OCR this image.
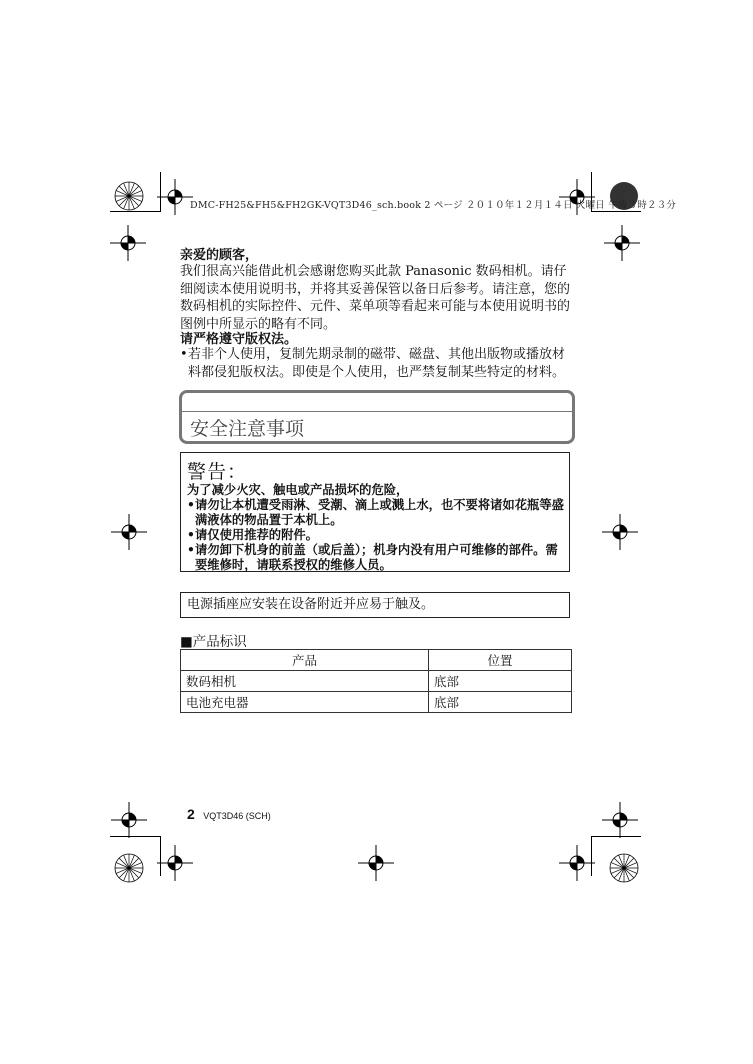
DMC-FH25&FH5&FH2GK-VQT3D46_sch.book 2 ページ ２０１０年１２月１４日 火曜日 午後３時２３分
亲爱的顾客，
我们很高兴能借此机会感谢您购买此款 Panasonic 数码相机。请仔细阅读本使用说明书，并将其妥善保管以备日后参考。请注意，您的数码相机的实际控件、元件、菜单项等看起来可能与本使用说明书的图例中所显示的略有不同。
请严格遵守版权法。
• 若非个人使用，复制先期录制的磁带、磁盘、其他出版物或播放材料都侵犯版权法。即使是个人使用，也严禁复制某些特定的材料。
安全注意事项
警告：
为了减少火灾、触电或产品损坏的危险，
• 请勿让本机遭受雨淋、受潮、滴上或溅上水，也不要将诸如花瓶等盛满液体的物品置于本机上。
• 请仅使用推荐的附件。
• 请勿卸下机身的前盖（或后盖）；机身内没有用户可维修的部件。需要维修时，请联系授权的维修人员。
电源插座应安装在设备附近并应易于触及。
■产品标识
产品	位置
数码相机	底部
电池充电器	底部
2 VQT3D46 (SCH)
